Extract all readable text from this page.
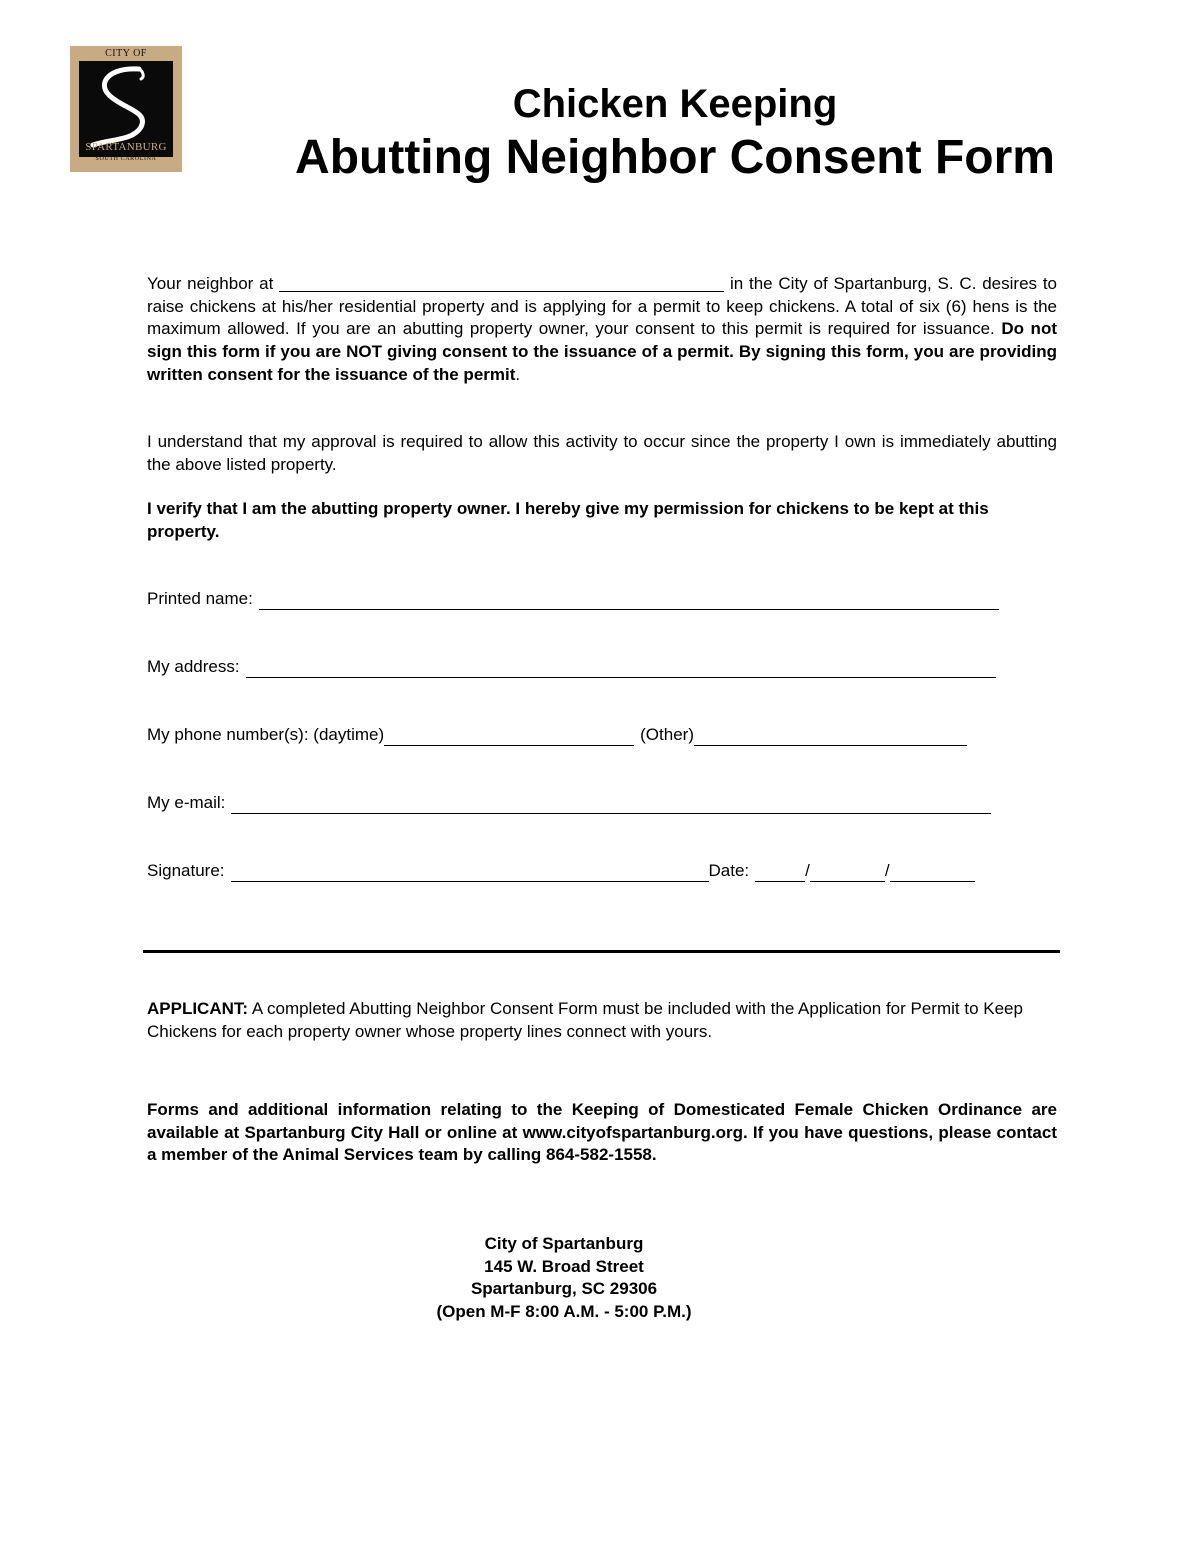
CITY OF
SPARTANBURG
SOUTH CAROLINA
Chicken Keeping
Abutting Neighbor Consent Form
Your neighbor at	in the City of Spartanburg, S. C. desires to raise chickens at his/her residential property and is applying for a permit to keep chickens. A total of six (6) hens is the maximum allowed. If you are an abutting property owner, your consent to this permit is required for issuance. Do not sign this form if you are NOT giving consent to the issuance of a permit. By signing this form, you are providing written consent for the issuance of the permit.
I understand that my approval is required to allow this activity to occur since the property I own is immediately abutting the above listed property.
I verify that I am the abutting property owner. I hereby give my permission for chickens to be kept at this property.
Printed name:
My address:
My phone number(s): (daytime)	(Other)
My e-mail:
Signature:	Date:	/	/
APPLICANT: A completed Abutting Neighbor Consent Form must be included with the Application for Permit to Keep Chickens for each property owner whose property lines connect with yours.
Forms and additional information relating to the Keeping of Domesticated Female Chicken Ordinance are available at Spartanburg City Hall or online at www.cityofspartanburg.org. If you have questions, please contact a member of the Animal Services team by calling 864-582-1558.
City of Spartanburg
145 W. Broad Street
Spartanburg, SC 29306
(Open M-F 8:00 A.M. - 5:00 P.M.)
